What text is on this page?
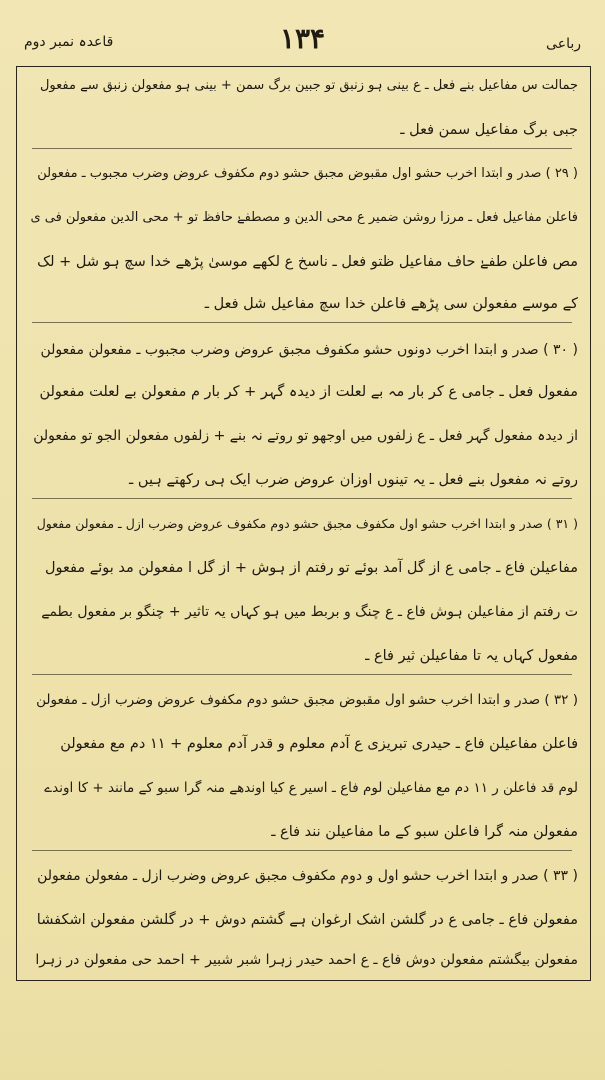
رباعی
۱۳۴
قاعدہ نمبر دوم
جمالت س مفاعیل بنے فعل ـ ع بینی ہو زنبق تو جبین برگ سمن + بینی ہو مفعولن زنبق سے مفعول
جبی برگ مفاعیل سمن فعل ـ
( ۲۹ ) صدر و ابتدا اخرب حشو اول مقبوض مجبق حشو دوم مکفوف عروض وضرب مجبوب ـ مفعولن
فاعلن مفاعیل فعل ـ مرزا روشن ضمیر ع محی الدین و مصطفےٰ حافظ تو + محی الدین مفعولن فی ی
مص فاعلن طفےٰ حاف مفاعیل ظتو فعل ـ ناسخ ع لکھے موسیٰ پڑھے خدا سچ ہو شل + لک
کے موسے مفعولن سی پڑھے فاعلن خدا سچ مفاعیل شل فعل ـ
( ۳۰ ) صدر و ابتدا اخرب دونوں حشو مکفوف مجبق عروض وضرب مجبوب ـ مفعولن مفعولن
مفعول فعل ـ جامی ع کر بار مہ بے لعلت از دیدہ گہر + کر بار م مفعولن بے لعلت مفعولن
از دیدہ مفعول گہر فعل ـ ع زلفوں میں اوجھو تو روتے نہ بنے + زلفوں مفعولن الجو تو مفعولن
روتے نہ مفعول بنے فعل ـ یہ تینوں اوزان عروض ضرب ایک ہی رکھتے ہیں ـ
( ۳۱ ) صدر و ابتدا اخرب حشو اول مکفوف مجبق حشو دوم مکفوف عروض وضرب ازل ـ مفعولن مفعول
مفاعیلن فاع ـ جامی ع از گل آمد بوئے تو رفتم از ہوش + از گل ا مفعولن مد بوئے مفعول
ت رفتم از مفاعیلن ہوش فاع ـ ع چنگ و بربط میں ہو کہاں یہ تاثیر + چنگو بر مفعول بطمے
مفعول کہاں یہ تا مفاعیلن ثیر فاع ـ
( ۳۲ ) صدر و ابتدا اخرب حشو اول مقبوض مجبق حشو دوم مکفوف عروض وضرب ازل ـ مفعولن
فاعلن مفاعیلن فاع ـ حیدری تبریزی ع آدم معلوم و قدر آدم معلوم + ۱۱ دم مع مفعولن
لوم قد فاعلن ر ۱۱ دم مع مفاعیلن لوم فاع ـ اسیر ع کیا اوندھے منہ گرا سبو کے مانند + کا اوندے
مفعولن منہ گرا فاعلن سبو کے ما مفاعیلن نند فاع ـ
( ۳۳ ) صدر و ابتدا اخرب حشو اول و دوم مکفوف مجبق عروض وضرب ازل ـ مفعولن مفعولن
مفعولن فاع ـ جامی ع در گلشن اشک ارغوان ہے گشتم دوش + در گلشن مفعولن اشکفشا
مفعولن بیگشتم مفعولن دوش فاع ـ ع احمد حیدر زہرا شبر شبیر + احمد حی مفعولن در زہرا
